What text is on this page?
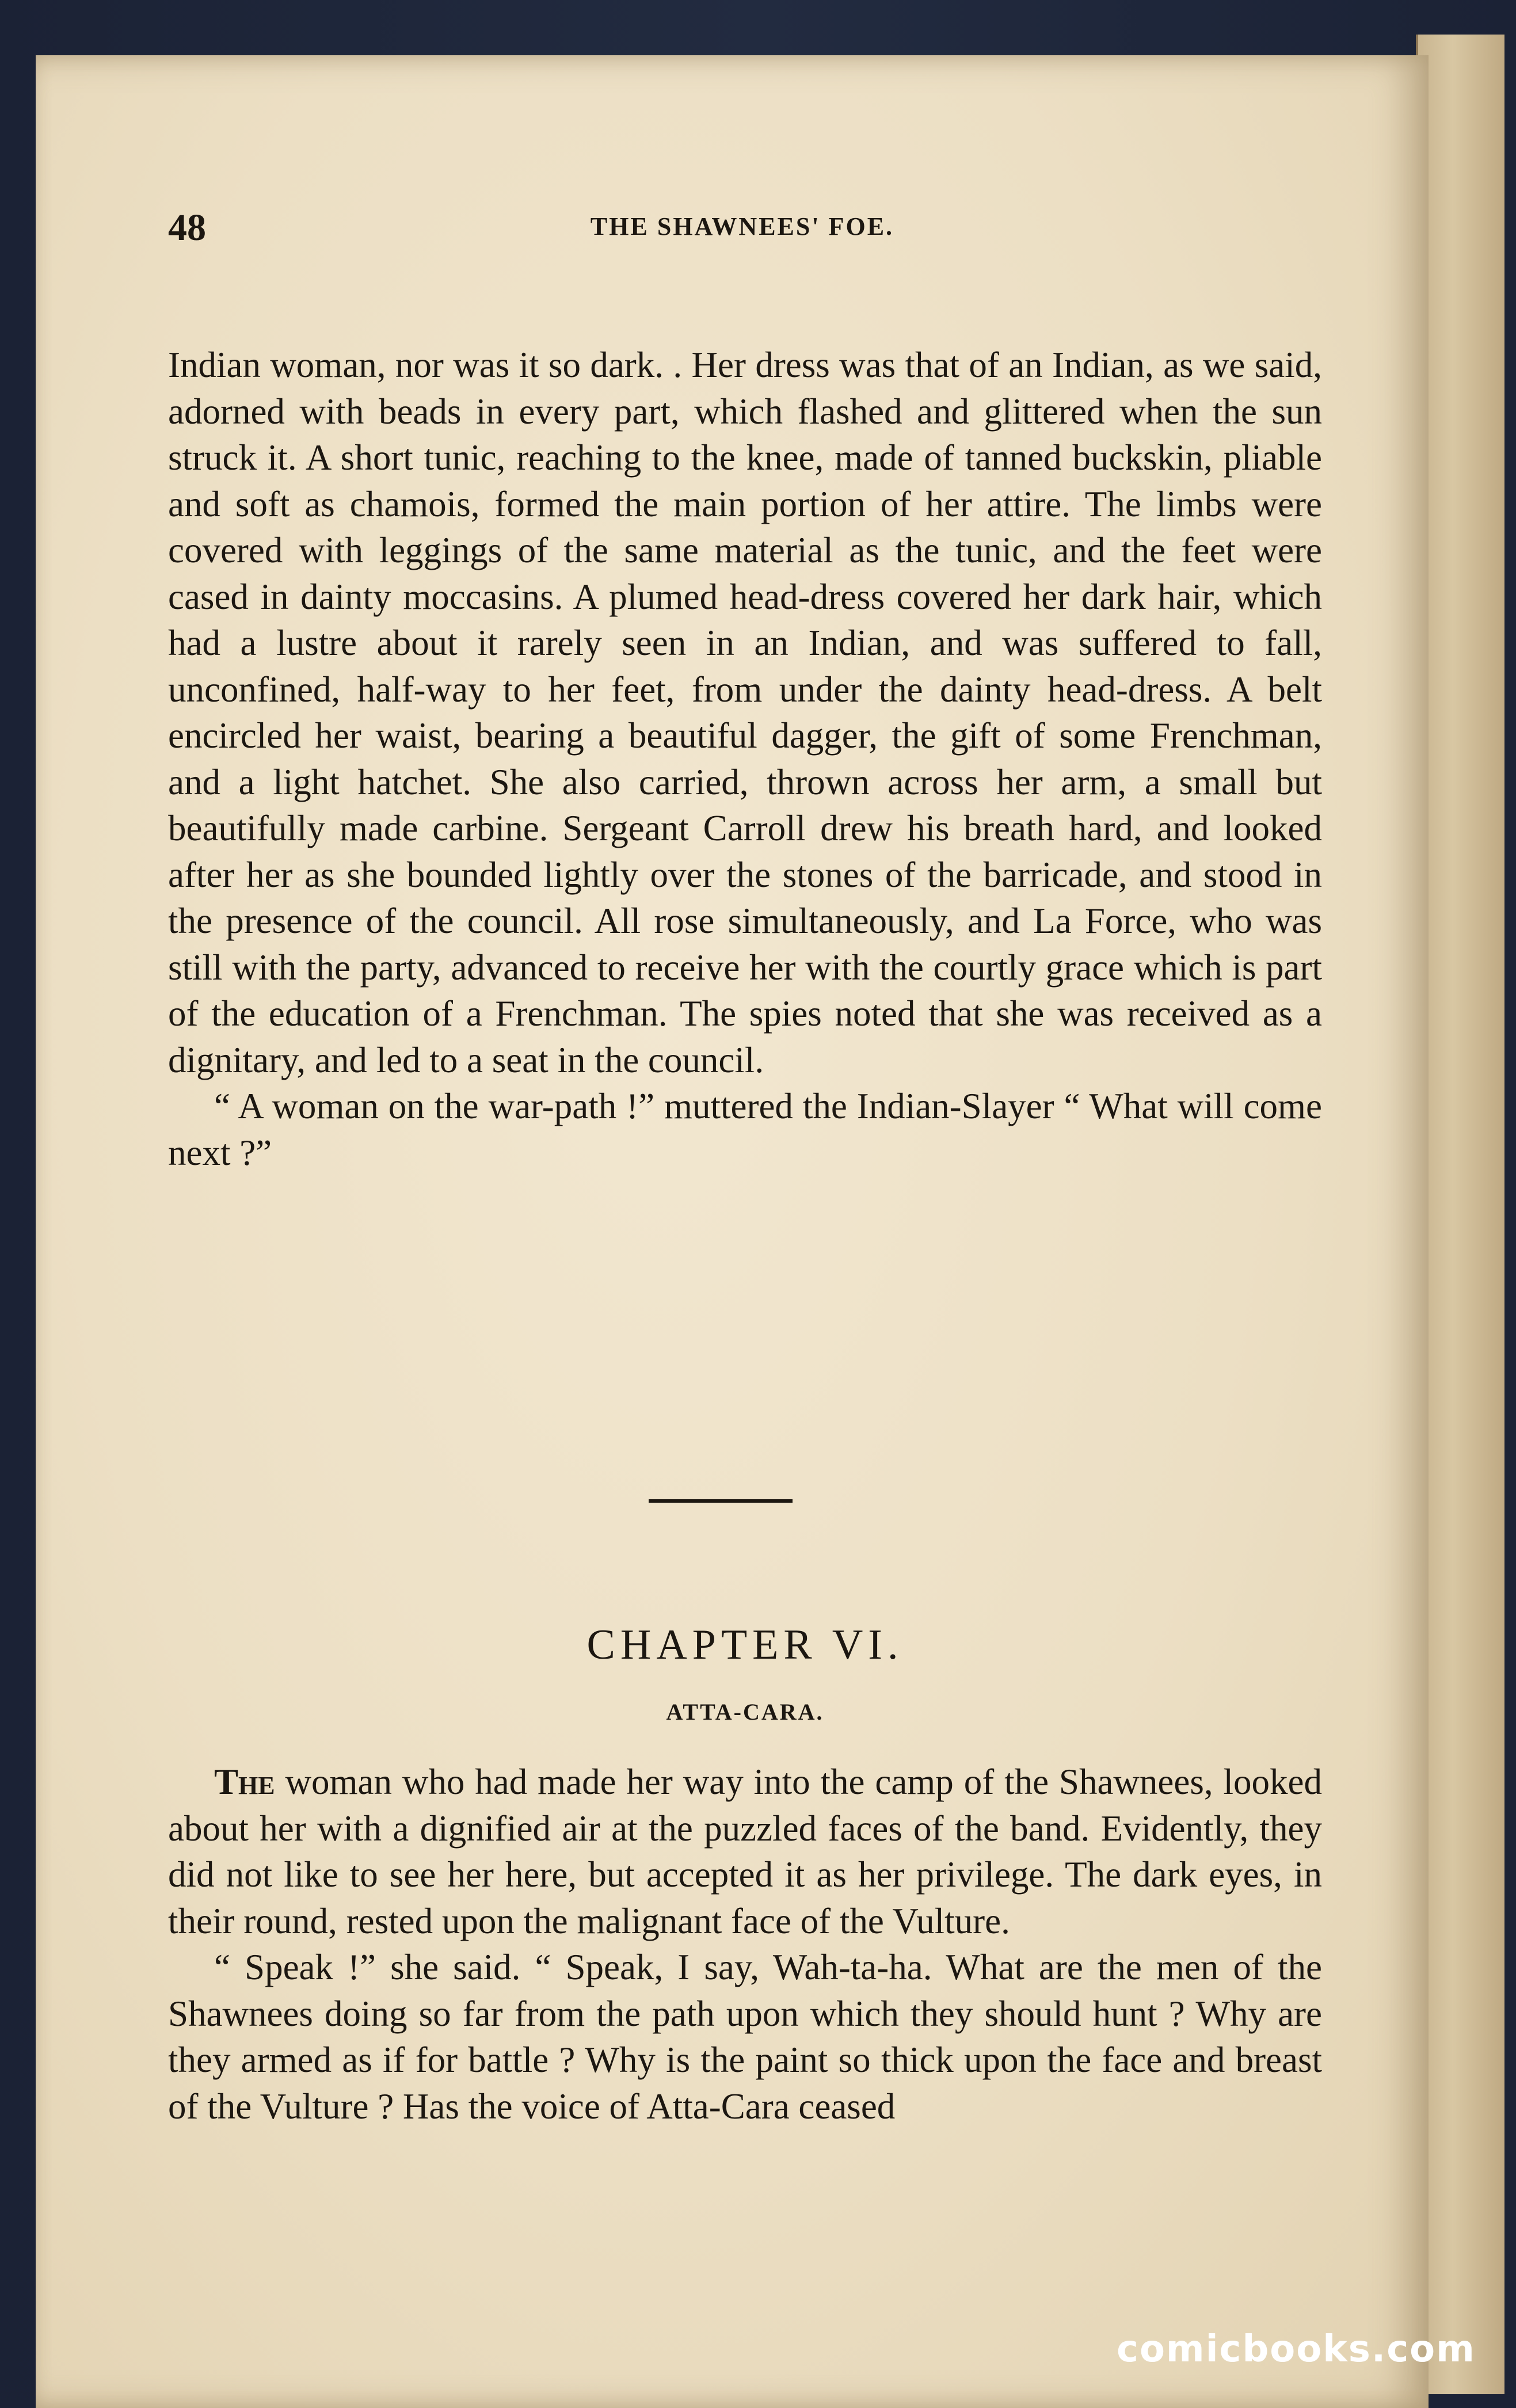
48	THE SHAWNEES' FOE.

Indian woman, nor was it so dark. . Her dress was that of an Indian, as we said, adorned with beads in every part, which flashed and glittered when the sun struck it. A short tunic, reaching to the knee, made of tanned buckskin, pliable and soft as chamois, formed the main portion of her attire. The limbs were covered with leggings of the same material as the tunic, and the feet were cased in dainty moccasins. A plumed head-dress covered her dark hair, which had a lustre about it rarely seen in an Indian, and was suffered to fall, unconfined, half-way to her feet, from under the dainty head-dress. A belt encircled her waist, bearing a beautiful dagger, the gift of some Frenchman, and a light hatchet. She also carried, thrown across her arm, a small but beautifully made carbine. Sergeant Carroll drew his breath hard, and looked after her as she bounded lightly over the stones of the barricade, and stood in the presence of the council. All rose simultaneously, and La Force, who was still with the party, advanced to receive her with the courtly grace which is part of the education of a Frenchman. The spies noted that she was received as a dignitary, and led to a seat in the council.

“ A woman on the war-path !” muttered the Indian-Slayer “ What will come next ?”

CHAPTER VI.
ATTA-CARA.

The woman who had made her way into the camp of the Shawnees, looked about her with a dignified air at the puzzled faces of the band. Evidently, they did not like to see her here, but accepted it as her privilege. The dark eyes, in their round, rested upon the malignant face of the Vulture.

“ Speak !” she said. “ Speak, I say, Wah-ta-ha. What are the men of the Shawnees doing so far from the path upon which they should hunt ? Why are they armed as if for battle ? Why is the paint so thick upon the face and breast of the Vulture ? Has the voice of Atta-Cara ceased

comicbooks.com
